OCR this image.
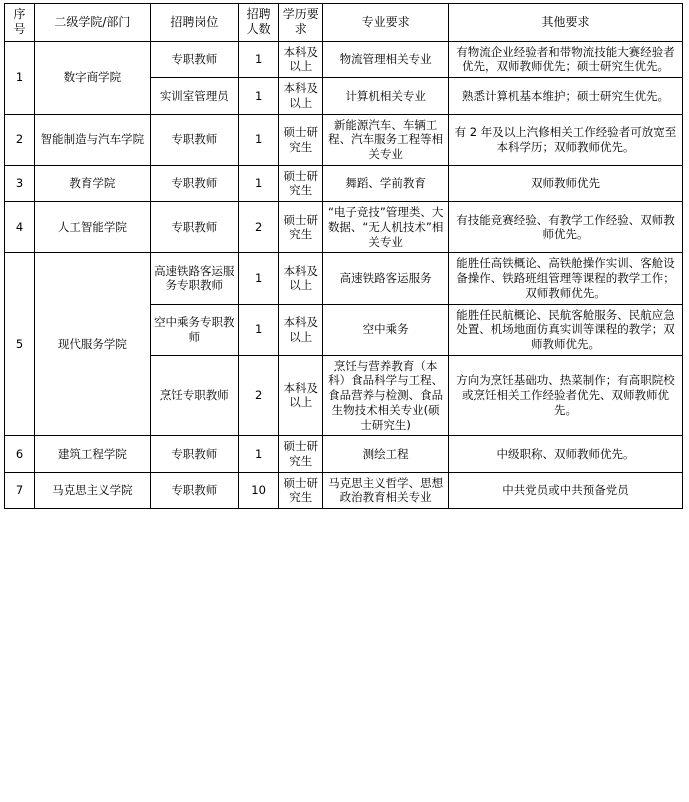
序号	二级学院/部门	招聘岗位	招聘人数	学历要求	专业要求	其他要求
1	数字商学院	专职教师	1	本科及以上	物流管理相关专业	有物流企业经验者和带物流技能大赛经验者优先，双师教师优先；硕士研究生优先。
		实训室管理员	1	本科及以上	计算机相关专业	熟悉计算机基本维护；硕士研究生优先。
2	智能制造与汽车学院	专职教师	1	硕士研究生	新能源汽车、车辆工程、汽车服务工程等相关专业	有 2 年及以上汽修相关工作经验者可放宽至本科学历；双师教师优先。
3	教育学院	专职教师	1	硕士研究生	舞蹈、学前教育	双师教师优先
4	人工智能学院	专职教师	2	硕士研究生	“电子竞技”管理类、大数据、“无人机技术”相关专业	有技能竞赛经验、有教学工作经验、双师教师优先。
5	现代服务学院	高速铁路客运服务专职教师	1	本科及以上	高速铁路客运服务	能胜任高铁概论、高铁舱操作实训、客舱设备操作、铁路班组管理等课程的教学工作；双师教师优先。
		空中乘务专职教师	1	本科及以上	空中乘务	能胜任民航概论、民航客舱服务、民航应急处置、机场地面仿真实训等课程的教学；双师教师优先。
		烹饪专职教师	2	本科及以上	烹饪与营养教育（本科）食品科学与工程、食品营养与检测、食品生物技术相关专业(硕士研究生)	方向为烹饪基础功、热菜制作；有高职院校或烹饪相关工作经验者优先、双师教师优先。
6	建筑工程学院	专职教师	1	硕士研究生	测绘工程	中级职称、双师教师优先。
7	马克思主义学院	专职教师	10	硕士研究生	马克思主义哲学、思想政治教育相关专业	中共党员或中共预备党员
